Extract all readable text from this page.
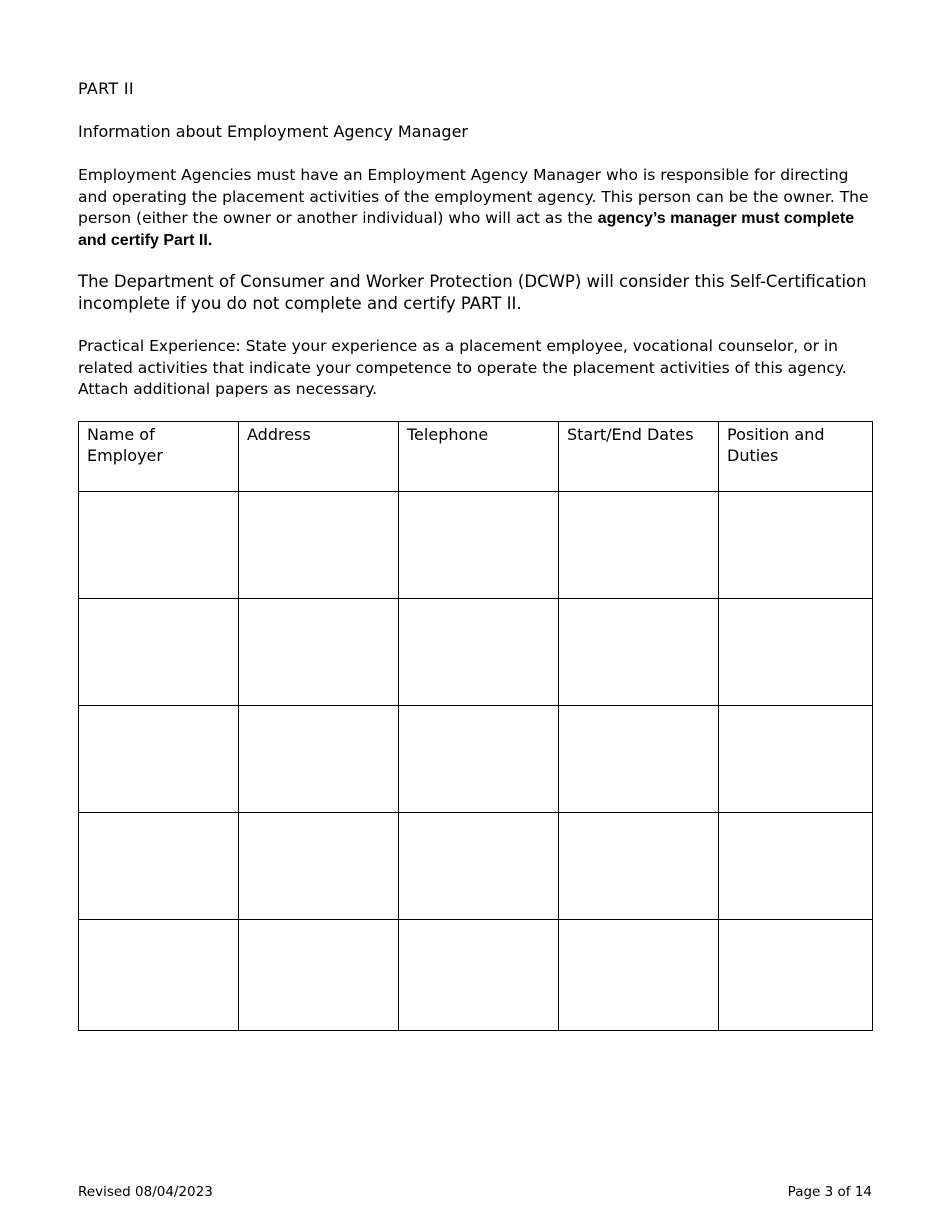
PART II
Information about Employment Agency Manager
Employment Agencies must have an Employment Agency Manager who is responsible for directing and operating the placement activities of the employment agency. This person can be the owner. The person (either the owner or another individual) who will act as the agency’s manager must complete and certify Part II.
The Department of Consumer and Worker Protection (DCWP) will consider this Self-Certification incomplete if you do not complete and certify PART II.
Practical Experience: State your experience as a placement employee, vocational counselor, or in related activities that indicate your competence to operate the placement activities of this agency. Attach additional papers as necessary.
Name of Employer	Address	Telephone	Start/End Dates	Position and Duties

Revised 08/04/2023	Page 3 of 14
